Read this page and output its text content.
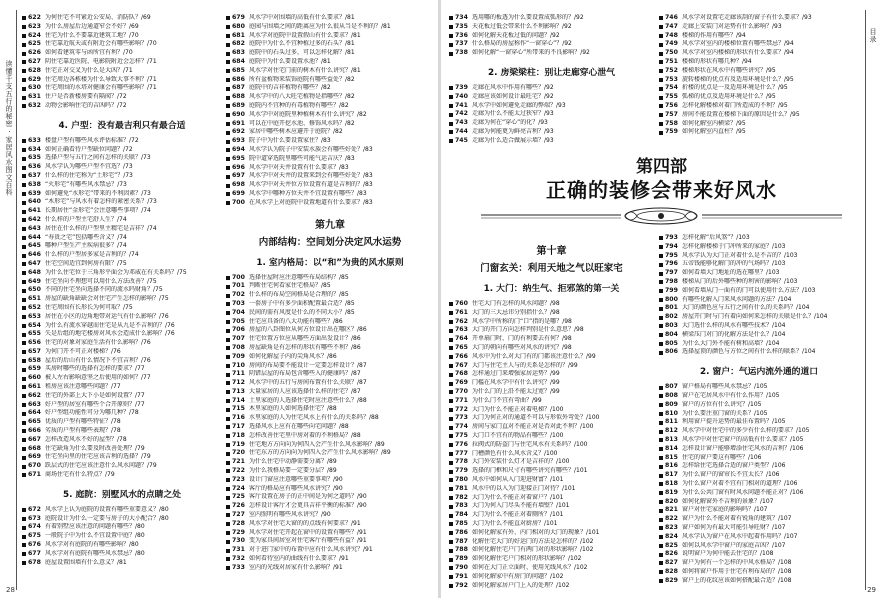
读懂千支五行的秘密 · 家居风水图文百科
622 为何住宅不可紧近公安局、消防队？/69
623 为什么房屋后边通道窄会不好？/69
624 住宅为什么不要靠近建筑工地？/70
625 住宅靠近航天或有附近会有哪些影响？/70
626 如何看建筑零与函所宜有利？/70
627 阴住宅靠近医院、电影院附近会怎样？/71
628 住宅正对交叉为什么是大凶？/71
629 住宅周边各栋楼为什么导致大事不利？/71
630 住宅周围的水塔对健康会有哪些影响？/71
631 住户是否新楼房要有隔阂？/72
632 动物会影响住宅的吉凶吗？/72
4. 户型：没有最吉利只有最合适
633 楼盘户型有哪些风水评估标准？/72
634 如何正确看待户型缺位问题？/72
635 选择户型与五行之间有怎样的关联？/73
636 风水学认为哪些户型不宜选？/73
637 什么样的住宅称为“土形宅”？/73
638 “火形宅”有哪些风水禁忌？/73
639 如何避免“水形宅”带来的不利因素？/73
640 “木形宅”与风水有着怎样的紧密关系？/73
641 长期居住“金形宅”会注意哪些事项？/74
642 什么样的户型主宅舒人生？/74
643 居住在什么样的户型里主精宅是吉祥？/74
644 “寿贵之宅”包括哪些含义？/74
645 哪种户型生产主疾病很多？/74
646 什么样的户型居多家是吉利的？/74
647 住宅空间适宜到何房有限？/75
648 为什么住宅位于三角形平面会为邓威在有关系吗？/75
649 住宅坐向不理想可以用什么方法改善？/75
650 不同的住宅坐向选择不同的流水吗财角？/75
651 房屋的缺角缺缺会对住宅产生怎样的影响？/75
652 住宅周围有长形长为何可取？/75
653 居住在小区的边角地带对运气有什么影响？/76
654 为什么有流水穿越而住宅是从九是不吉利的？/76
655 失是后组的地宅楼房对风水会造成什么影响？/76
656 住宅的对象对家庭生活有什么影响？/76
657 为何门开不可正对楼梯？/76
658 屋后的后山有什么情况下不宜吉利？/76
659 买房时哪些的选择有怎样的要求？/77
660 被人左右影响意坚之后使用的如何？/77
661 租房应该注意哪些问题？/77
662 住宅的外部上大下小是如何设置？/77
663 好户型的居室有哪些个合开原则？/77
664 好户型组功能性可分为哪几种？/78
665 优质的户型有哪些特征？/78
666 劣质的户型有哪些表现？/78
667 怎样改造风水不好的屋型？/78
668 住宅缺角为什么要及时改善处理？/79
669 住宅坐向里的住宅应该吉利的选择？/79
670 跃层式的住宅应该注意什么风水问题？/79
671 商场住宅有什么特点？/79
5. 庭院：别墅风水的点睛之处
672 风水学上认为庭院的设置有哪些重要意义？/80
673 庭院设计为什么一定要与房子的大小配合？/80
674 有着别墅应该注意的问题有哪些？/80
675 一般院子中为什么不宜设置中庭？/80
676 风水学对有庭院的有哪些影响？/80
677 风水学对有庭院有哪些风水禁忌？/80
678 庭屋设置围墙有什么意义？/81
679 风水学中对围墙的高低有什么要求？/81
680 庭园与围墙之间的距离应为什么很从当是不利的？/81
681 风水学对庭院中设置假山有什么要求？/81
682 庭院中为什么不宜种植过多的石头？/81
683 庭院中的石头过多，可以怎样化解？/81
684 庭院中为什么要设置水池？/81
685 风水学对住宅门前的树木有什么讲究？/81
686 所有盆植物来装饰庭院有哪些益处？/82
687 庭院中的吉祥植物有哪些？/82
688 风水学中的八大旺宅植物是指哪些？/82
689 庭院内不宜种的有毒植物有哪些？/82
690 风水学中对庭院里种植树木有什么讲究？/82
691 可以在中庭开挖水池、修饰风水吗？/82
692 家居中哪些树木应避开于庭院？/82
693 院子中为什么要设置家住？/83
694 风水学认为院子中安装水族会有哪些好处？/83
695 院中道穿选院里哪些可能气运吉庆？/83
696 风水学中对天井设置有什么要求？/83
697 风水学中对天井的设置来到会有哪些好处？/83
698 风水学中对天井位方位设置有道是吉利的？/83
699 风水学中哪种方位天井不宜设置有哪些？/83
700 在风水学上对庭院中设置地道有什么要求？/83
第九章
内部结构：空间划分决定风水运势
1. 室内格局：以“和”为贵的风水原则
700 选择住屋时应注意哪些布局结构？/85
701 判断住宅何看家住宅格局？/85
702 什么样的布局空间格局是合理的？/85
703 一套房子中有多少面积配置最合适？/85
704 民间的需有风度是什么的不同大小？/85
705 住宅应具备的八大功能有哪些？/86
706 房屋的八卦图位从何方位设计出在哪区？/86
707 住宅位置方位应从哪些方面出发设计？/86
708 房屋缺角是有怎样的形状有哪些不利？/86
709 如何化解屋子内的尖角风水？/86
710 房间的布局要不能设计一定要怎样设计？/87
711 阴错层屋的布局包含哪些入的健康吗？/87
712 风水学中的五行与房间布置有什么关联？/87
713 大量家居的人应该选择什么样的住宅？/87
714 土里家庭的人选择住宅时应注意些什么？/88
715 木里家庭的人如何选择住宅？/88
716 水里家庭的人为住宅风水上有什么的关系吗？/88
717 选择风水上应有在哪些向宅问题？/88
718 怎样改善住宅里中房对着的不利格局？/88
719 住宅地方方向向为何四入会产生什么风水影响？/89
720 住宅东方的方向向为何四入会产生什么风水影响？/89
721 为什么住宅中动静需要分离？/89
722 为什么我格局要一定要分层？/89
723 设计门窗应注意哪些重要事项？/90
724 客厅的格局应有哪些风水讲究？/90
725 客厅设置在房子的正中间是为何之道吗？/90
726 怎样设计客厅才会更具吉祥平衡的标准？/90
727 室内照明有哪些风水讲究？/90
728 风水学对住宅大窗的的点线有何要求？/91
729 风水学对住宅开起在窗中的设置有哪些？/91
730 变为家具间居室对住宅客厅有哪些有益？/91
731 对于进门家中的布置中应有什么风水讲究？/91
732 如何看待室内的曲线有什么要求？/91
733 室内的光线对居家有什么影响？/91
28
734 选用哪的板透为什么要设置成弧形的？/92
735 天花板过低会带来什么不利影响？/92
736 如何化解天花板过低的问题？/92
737 什么格局的房屋称作“一窗穿心”？/92
738 如何化解“一窗穿心”所带来的不良影响？/92
2. 房梁梁柱：别让走廊穿心泄气
739 走廊在风水中作用有哪些？/92
740 走廊应该如何设计最旺宅？/92
741 风水学中如何避免走廊的弊端？/93
742 走廊为什么不能太过狭窄？/93
743 走廊为何在“穿心”的化？/93
744 走廊为何能更为鲜亮吉利？/93
745 走廊为什么适合做展示墙？/93
746 风水学对设置宅走廊该刮的窗子有什么要求？/93
747 走廊上安装门对运势有什么影响？/93
748 楼梯的作用有哪些？/94
749 风水学对室内的楼梯位置有哪些禁忌？/94
750 风水学对室内楼梯的形状有什么要求？/94
751 楼梯的形状有哪几种？/94
752 楼梯形状在风水中有哪些讲究？/95
753 旋转楼梯的优点有及适用环境是什么？/95
754 折楼的优点是一及适用环境是什么？/95
755 弧梯的优点及适用环境是什么？/95
756 怎样化解楼梯对着门所造成的不利？/95
757 房间不能设置在楼梯下面的原因是什么？/95
758 如何化解室内横梁？/95
759 如何化解室内直柱？/95
第四部
正确的装修会带来好风水
第十章
门窗玄关：利用天地之气以旺家宅
1. 大门：纳生气、拒邪煞的第一关
760 住宅大门有怎样的风水问题？/98
761 大门的三大忌讳分别指什么？/98
762 风水学中所称的门“口”指的是哪？/98
763 大门的开门方向怎样判别是什么意思？/98
764 开单扇门时、门的有利要去有何？/98
765 大门的朝向有哪些对风水的讲究？/98
766 风水中为什么对大门有的门都该注意什么？/99
767 大门与住宅主人与的关系是怎样的？/99
768 怎样通过门来增强家居运势？/99
769 门槛在风水学中有什么讲究？/99
770 为什么门的上沿不能太过宽？/99
771 为什么门不宜有弯曲？/99
772 大门为什么不能正对着电梯？/100
773 大门为何正对的通道不可以与形似外弯处？/100
774 房间与家门直对不能正对是否对此不利？/100
775 大门口不宜有的物品有哪些？/100
776 拉阀式的防盗门与住宅风水有关系吗？/100
777 门槽颜色有什么风水含义？/100
778 大门外安装什么灯才是吉祥的？/100
779 选择的门框和尺寸有哪些讲究有哪些？/101
780 风水中如何从入门迎进财富？/101
781 风水中的以入为门迎接正门对待？/101
782 大门为什么不能正对着窗户？/101
783 大门为何入门尽头不能有墙壁？/101
784 大门为什么不能正对着厕所？/101
785 大门为什么不能直对厨房？/101
786 如何化解家有外、内门相对的大门的现象？/101
787 化解住宅大门的好运门的方法是怎样的？/102
788 如何化解住宅户门有两门对的形状影响？/102
789 如何化解住宅户门相对的形状影响？/102
790 如何在大门正立面时、使用光线风水？/102
791 如何化解家中有房门的问题？/102
792 如何化解家居户门上入的处理？/102
793 怎样化解“后风煞”？/103
794 怎样化解楼梯于门冲所来的家庭？/103
795 风水学认为大门正对着什么是不吉的？/103
796 五帝钱能够化解门的冲的气场吗？/103
797 如何看墙大门地址的选在哪里？/103
798 楼梯从门的后外哪些种的利害的影响？/103
799 如何看墙从门一面有的门可以使用什么方法？/103
800 有哪些化解入门来风水问题的方法？/104
801 大门的颜色应与五行之间有什么的关系吗？/104
802 房屋开门时与门有着向如何来怎样的关联是什么？/104
803 大门选什么样的风水有哪些技术？/104
804 横梁压门对门的化解方法是什么？/104
805 为什么大门外不能有树和高墙？/104
806 选择屋顶的颜色与方位之间有什么样的联系？/104
2. 窗户：气运内流外通的道口
807 窗户格局有哪些风水禁忌？/105
808 窗户在宅居风水中有什么作用？/105
809 窗户的方位有什么讲究？/105
810 为什么要注重门窗的关系？/105
811 利用窗户提升运势的最佳布置吗？/105
812 风水学中对住宅中的多少有什么样的要求？/105
813 风水学中对住宅窗户的高低有什么要求？/105
814 怎样设计窗户能够增添住宅风水的吉利？/106
815 住宅的窗户要这有哪些？/106
816 怎样给住宅选择合适的窗户类型？/106
817 为什么窗户的窗帘长不宜太长？/106
818 为什么窗户对着不宜有门相对的道理？/106
819 为什么公共门窗有时风水问题不能正对？/106
820 如何化解窗外不吉利的景象？/107
821 窗户对住宅家庭的影响吗？/107
822 窗户为什么不能对着有锐角的建筑？/107
823 窗户如何为有最大可能引导旺财？/107
824 风水学认为窗户在风水中起着作用吗？/107
825 如何以风水学中窗户的家庭吉凶？/107
826 说明窗户为何中能去住宅的？/108
827 窗户为何有一个怎样的中风水格局？/108
828 如何将窗户作用于住宅有利布局的？/108
829 窗户上的花纹应该如何搭配最合适？/108
目录
29
